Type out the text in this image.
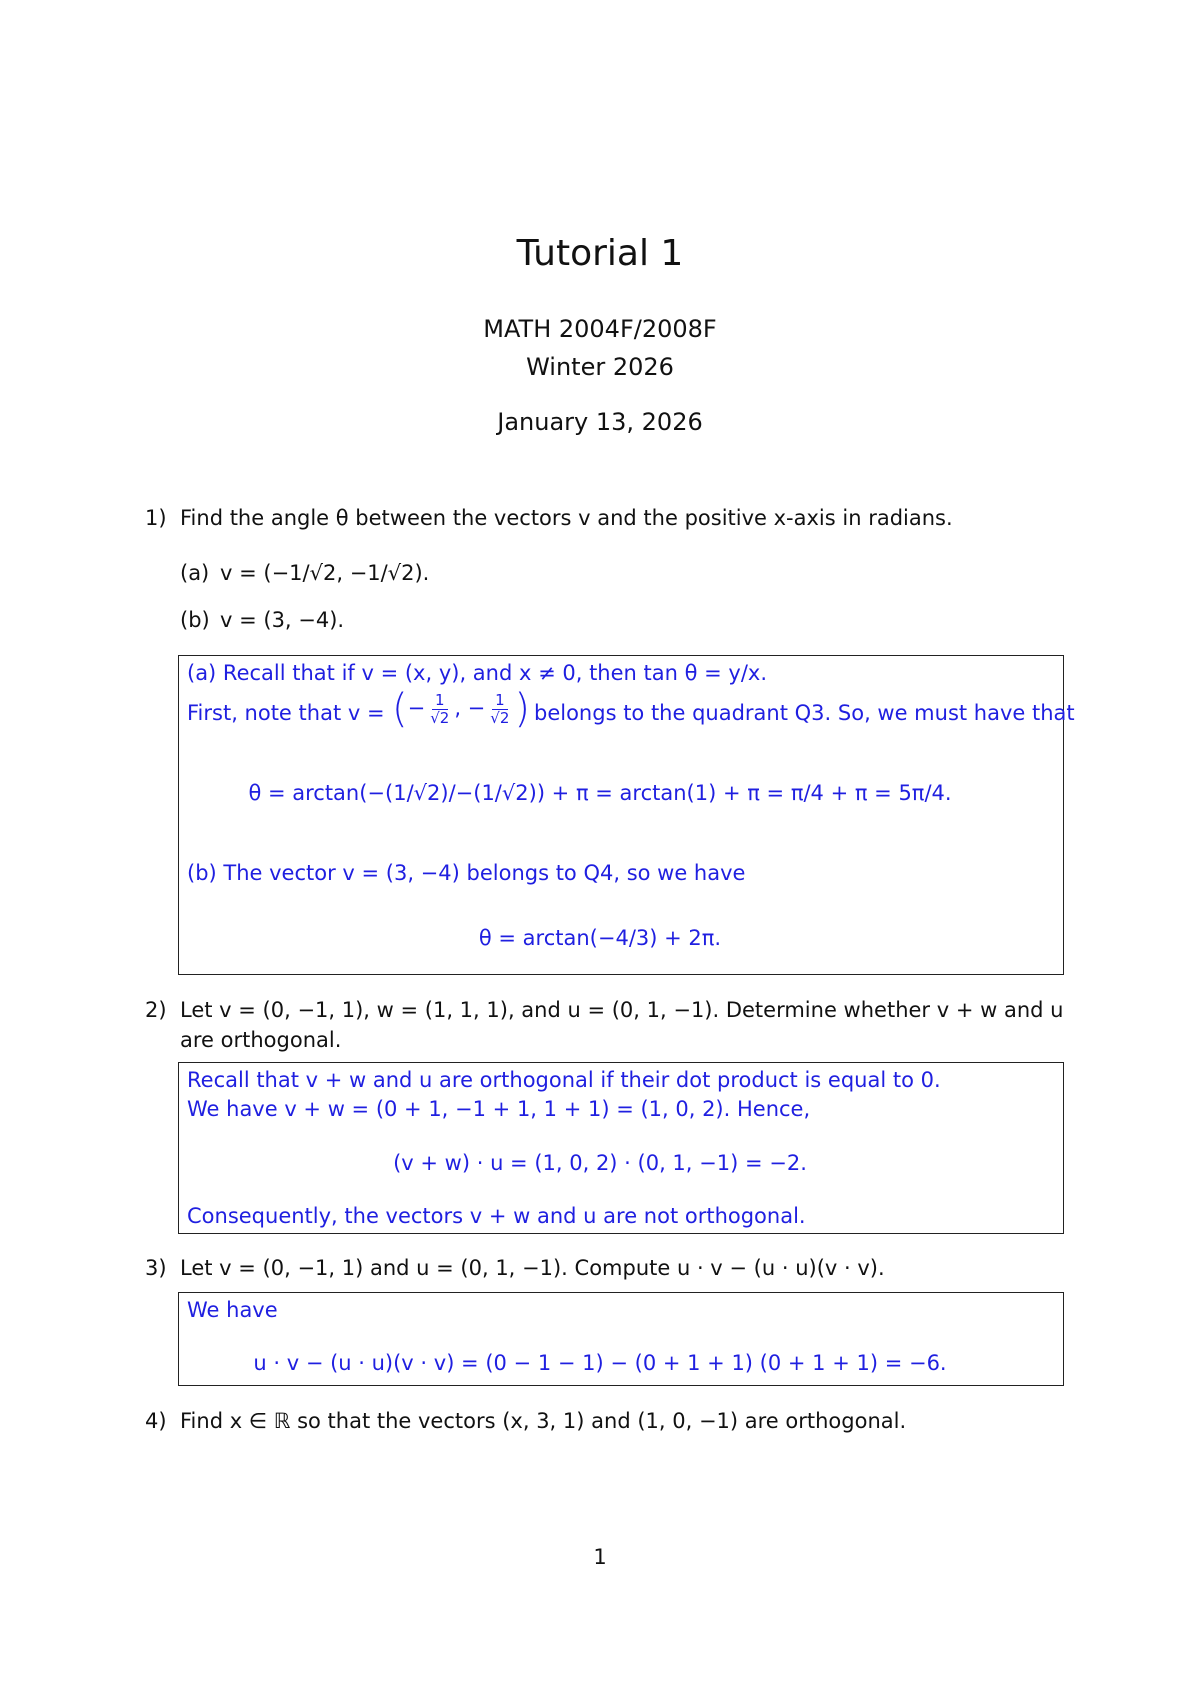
Tutorial 1
MATH 2004F/2008F
Winter 2026
January 13, 2026
1) Find the angle θ between the vectors v and the positive x-axis in radians.
(a) v = (−1/√2, −1/√2).
(b) v = (3, −4).
(a) Recall that if v = (x, y), and x ≠ 0, then tan θ = y/x.
First, note that v = (− $\frac{1}{√2}$ , − $\frac{1}{√2}$ ) belongs to the quadrant Q3. So, we must have that
θ = arctan(−(1/√2)/−(1/√2)) + π = arctan(1) + π = π/4 + π = 5π/4.
(b) The vector v = (3, −4) belongs to Q4, so we have
θ = arctan(−4/3) + 2π.
2) Let v = (0, −1, 1), w = (1, 1, 1), and u = (0, 1, −1). Determine whether v + w and u
are orthogonal.
Recall that v + w and u are orthogonal if their dot product is equal to 0.
We have v + w = (0 + 1, −1 + 1, 1 + 1) = (1, 0, 2). Hence,
(v + w) · u = (1, 0, 2) · (0, 1, −1) = −2.
Consequently, the vectors v + w and u are not orthogonal.
3) Let v = (0, −1, 1) and u = (0, 1, −1). Compute u · v − (u · u)(v · v).
We have
u · v − (u · u)(v · v) = (0 − 1 − 1) − (0 + 1 + 1) (0 + 1 + 1) = −6.
4) Find x ∈ ℝ so that the vectors (x, 3, 1) and (1, 0, −1) are orthogonal.
1
